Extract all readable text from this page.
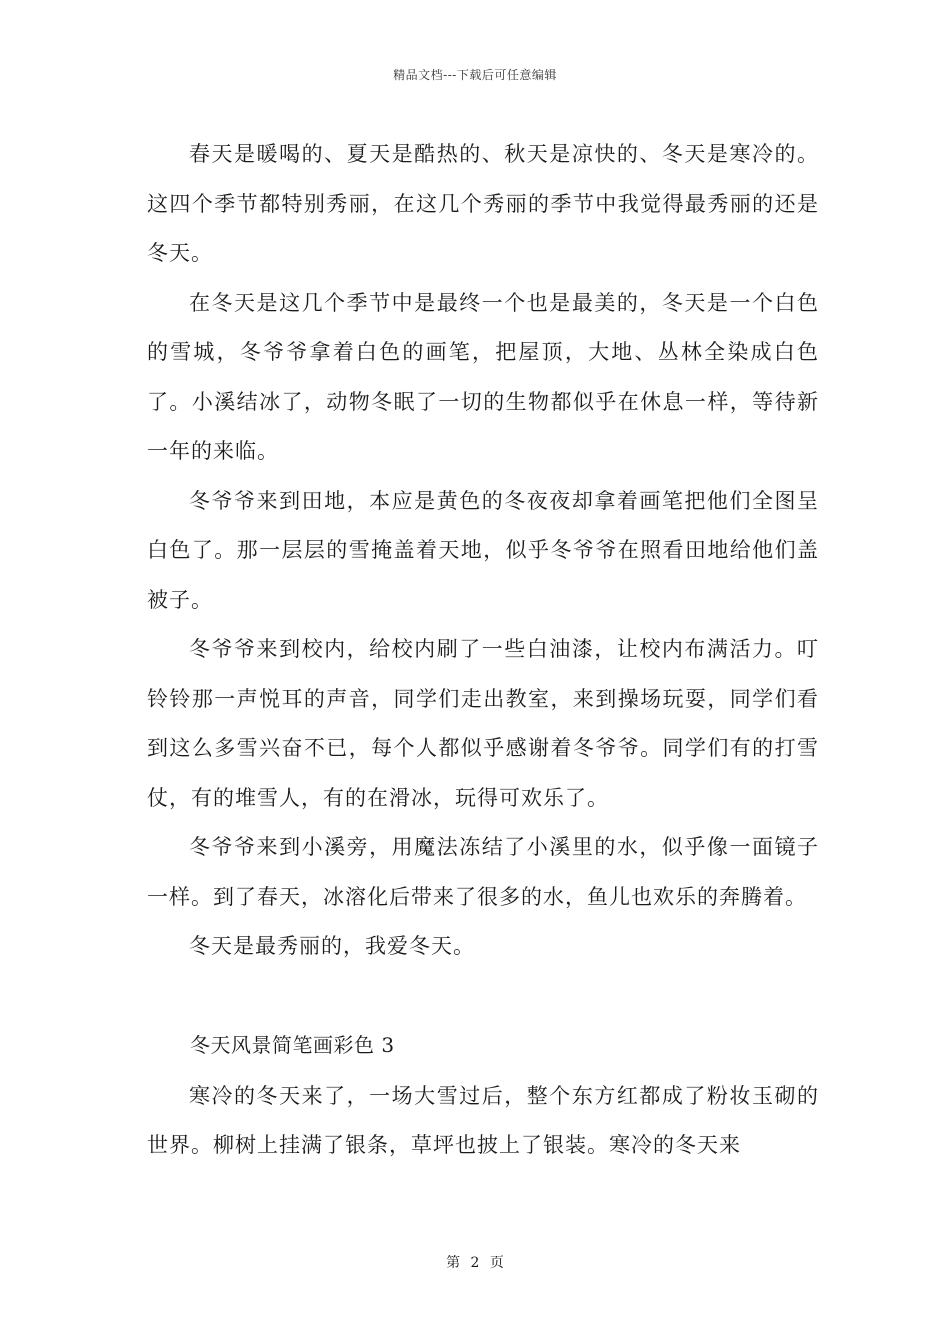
精品文档---下载后可任意编辑

春天是暖喝的、夏天是酷热的、秋天是凉快的、冬天是寒冷的。这四个季节都特别秀丽，在这几个秀丽的季节中我觉得最秀丽的还是冬天。

在冬天是这几个季节中是最终一个也是最美的，冬天是一个白色的雪城，冬爷爷拿着白色的画笔，把屋顶，大地、丛林全染成白色了。小溪结冰了，动物冬眠了一切的生物都似乎在休息一样，等待新一年的来临。

冬爷爷来到田地，本应是黄色的冬夜夜却拿着画笔把他们全图呈白色了。那一层层的雪掩盖着天地，似乎冬爷爷在照看田地给他们盖被子。

冬爷爷来到校内，给校内刷了一些白油漆，让校内布满活力。叮铃铃那一声悦耳的声音，同学们走出教室，来到操场玩耍，同学们看到这么多雪兴奋不已，每个人都似乎感谢着冬爷爷。同学们有的打雪仗，有的堆雪人，有的在滑冰，玩得可欢乐了。

冬爷爷来到小溪旁，用魔法冻结了小溪里的水，似乎像一面镜子一样。到了春天，冰溶化后带来了很多的水，鱼儿也欢乐的奔腾着。

冬天是最秀丽的，我爱冬天。

冬天风景简笔画彩色 3

寒冷的冬天来了，一场大雪过后，整个东方红都成了粉妆玉砌的世界。柳树上挂满了银条，草坪也披上了银装。寒冷的冬天来

第 2 页
